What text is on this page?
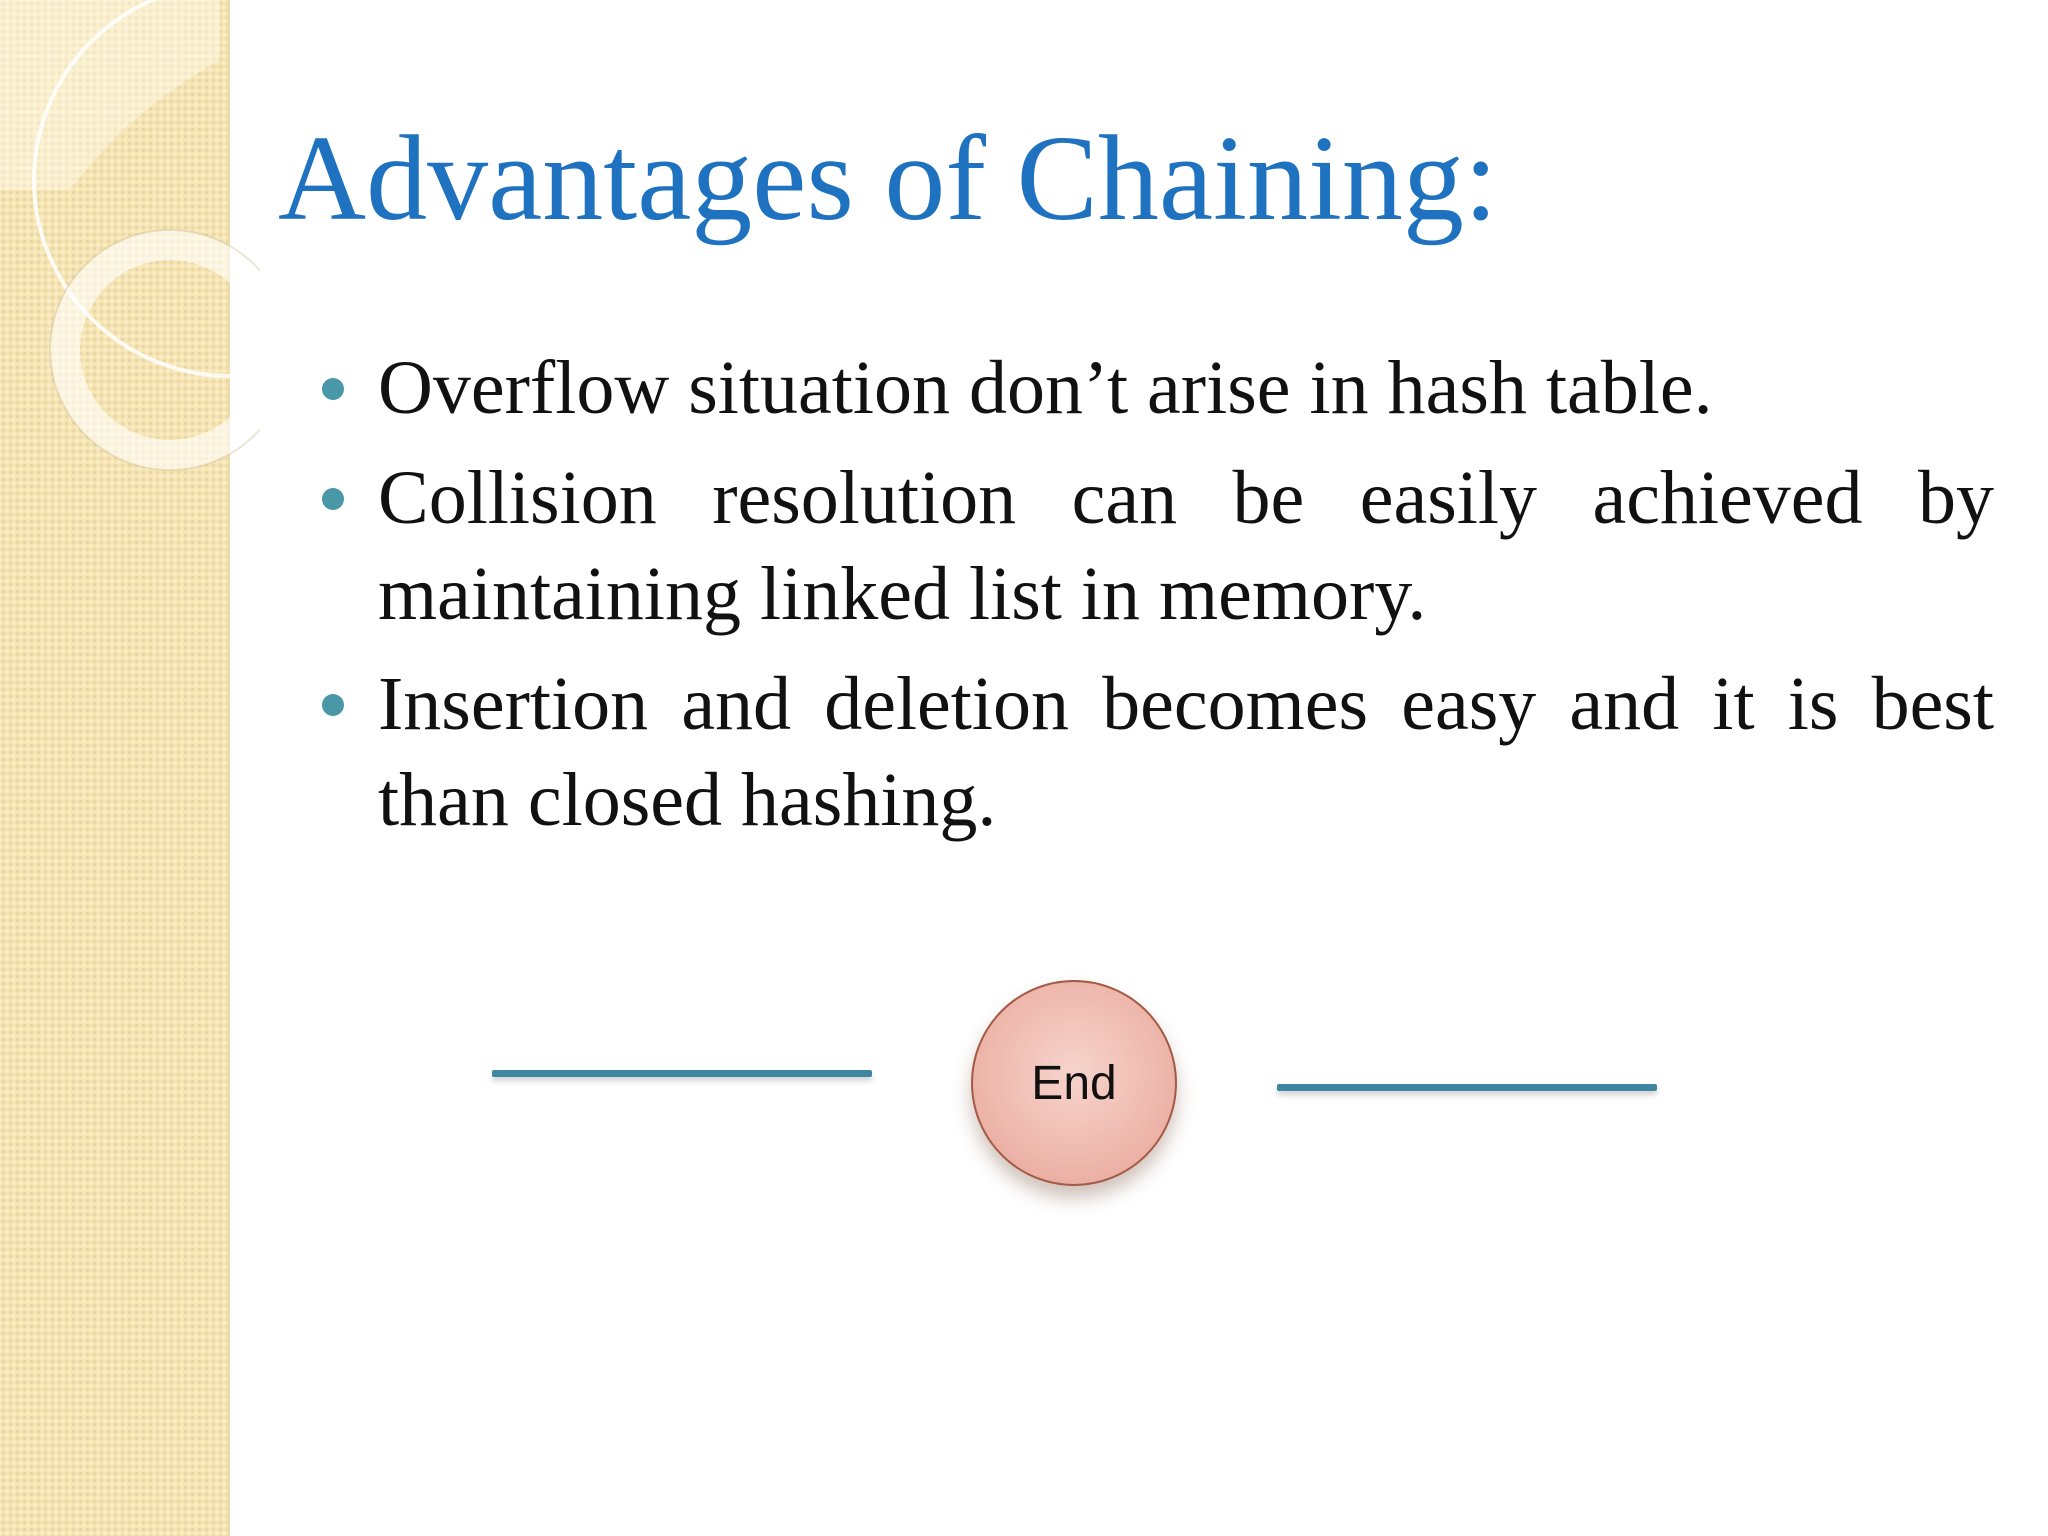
Advantages of Chaining:
Overflow situation don’t arise in hash table.
Collision resolution can be easily achieved by maintaining linked list in memory.
Insertion and deletion becomes easy and it is best than closed hashing.
End
